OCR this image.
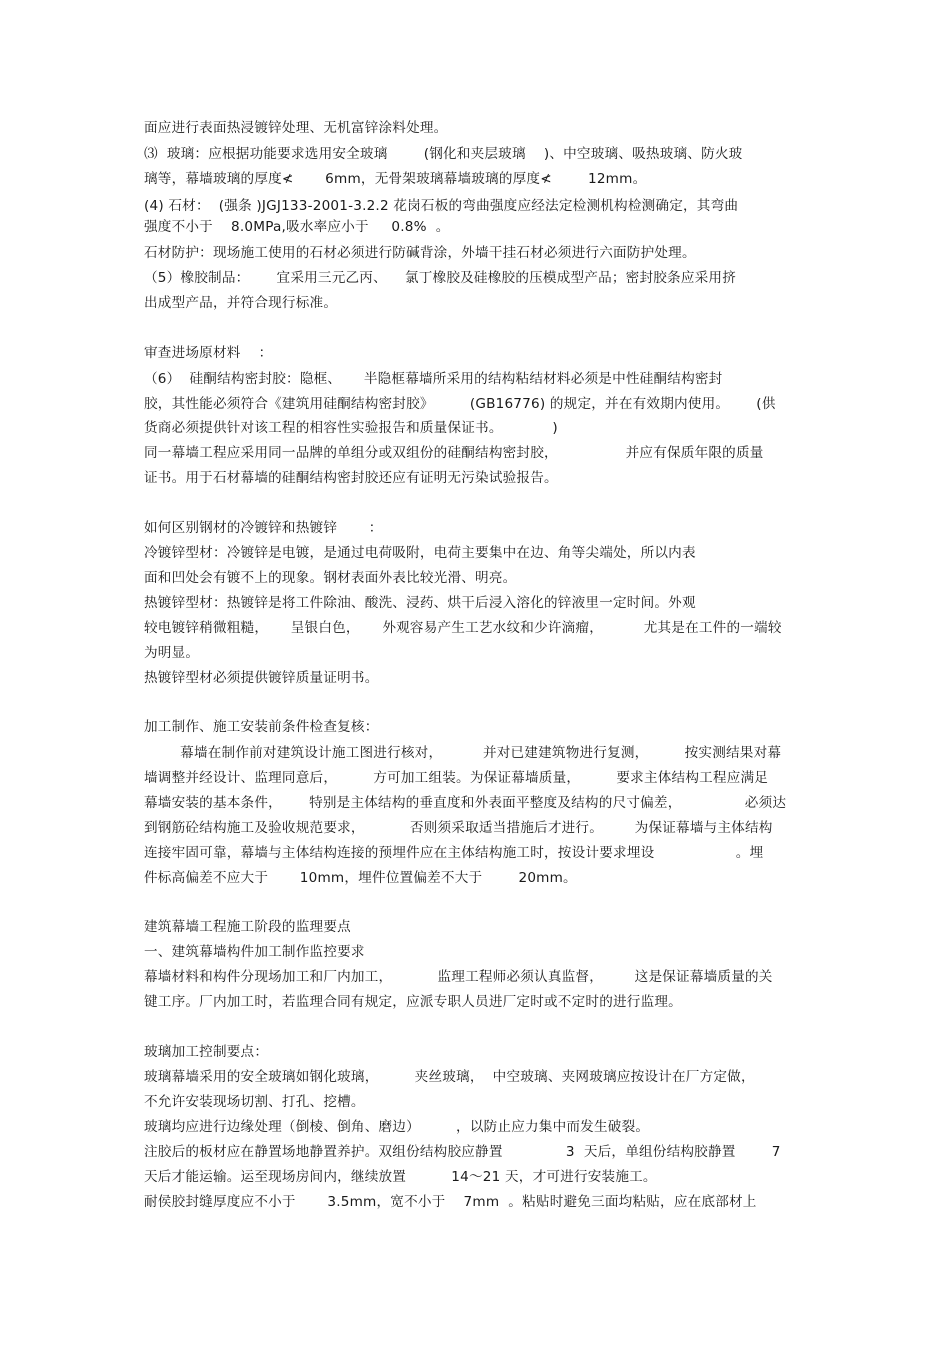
面应进行表面热浸镀锌处理、无机富锌涂料处理。
⑶  玻璃：应根据功能要求选用安全玻璃        (钢化和夹层玻璃    )、中空玻璃、吸热玻璃、防火玻
璃等，幕墙玻璃的厚度≮       6mm，无骨架玻璃幕墙玻璃的厚度≮        12mm。
(4) 石材：  (强条 )JGJ133-2001-3.2.2 花岗石板的弯曲强度应经法定检测机构检测确定，其弯曲
强度不小于    8.0MPa,吸水率应小于     0.8%  。
石材防护：现场施工使用的石材必须进行防碱背涂，外墙干挂石材必须进行六面防护处理。
（5）橡胶制品：      宜采用三元乙丙、    氯丁橡胶及硅橡胶的压模成型产品；密封胶条应采用挤
出成型产品，并符合现行标准。
审查进场原材料    ：
（6）  硅酮结构密封胶：隐框、     半隐框幕墙所采用的结构粘结材料必须是中性硅酮结构密封
胶，其性能必须符合《建筑用硅酮结构密封胶》        (GB16776) 的规定，并在有效期内使用。      (供
货商必须提供针对该工程的相容性实验报告和质量保证书。           )
同一幕墙工程应采用同一品牌的单组分或双组份的硅酮结构密封胶，               并应有保质年限的质量
证书。用于石材幕墙的硅酮结构密封胶还应有证明无污染试验报告。
如何区别钢材的冷镀锌和热镀锌       ：
冷镀锌型材：冷镀锌是电镀，是通过电荷吸附，电荷主要集中在边、角等尖端处，所以内表
面和凹处会有镀不上的现象。钢材表面外表比较光滑、明亮。
热镀锌型材：热镀锌是将工件除油、酸洗、浸药、烘干后浸入溶化的锌液里一定时间。外观
较电镀锌稍微粗糙，     呈银白色，     外观容易产生工艺水纹和少许滴瘤，         尤其是在工件的一端较
为明显。
热镀锌型材必须提供镀锌质量证明书。
加工制作、施工安装前条件检查复核：
幕墙在制作前对建筑设计施工图进行核对，         并对已建建筑物进行复测，        按实测结果对幕
墙调整并经设计、监理同意后，        方可加工组装。为保证幕墙质量，        要求主体结构工程应满足
幕墙安装的基本条件，      特别是主体结构的垂直度和外表面平整度及结构的尺寸偏差，              必须达
到钢筋砼结构施工及验收规范要求，          否则须采取适当措施后才进行。       为保证幕墙与主体结构
连接牢固可靠，幕墙与主体结构连接的预埋件应在主体结构施工时，按设计要求埋设                  。埋
件标高偏差不应大于       10mm，埋件位置偏差不大于        20mm。
建筑幕墙工程施工阶段的监理要点
一、建筑幕墙构件加工制作监控要求
幕墙材料和构件分现场加工和厂内加工，          监理工程师必须认真监督，       这是保证幕墙质量的关
键工序。厂内加工时，若监理合同有规定，应派专职人员进厂定时或不定时的进行监理。
玻璃加工控制要点：
玻璃幕墙采用的安全玻璃如钢化玻璃，        夹丝玻璃，  中空玻璃、夹网玻璃应按设计在厂方定做，
不允许安装现场切割、打孔、挖槽。
玻璃均应进行边缘处理（倒棱、倒角、磨边）        ，以防止应力集中而发生破裂。
注胶后的板材应在静置场地静置养护。双组份结构胶应静置              3  天后，单组份结构胶静置        7
天后才能运输。运至现场房间内，继续放置          14～21 天，才可进行安装施工。
耐侯胶封缝厚度应不小于       3.5mm，宽不小于    7mm  。粘贴时避免三面均粘贴，应在底部材上
